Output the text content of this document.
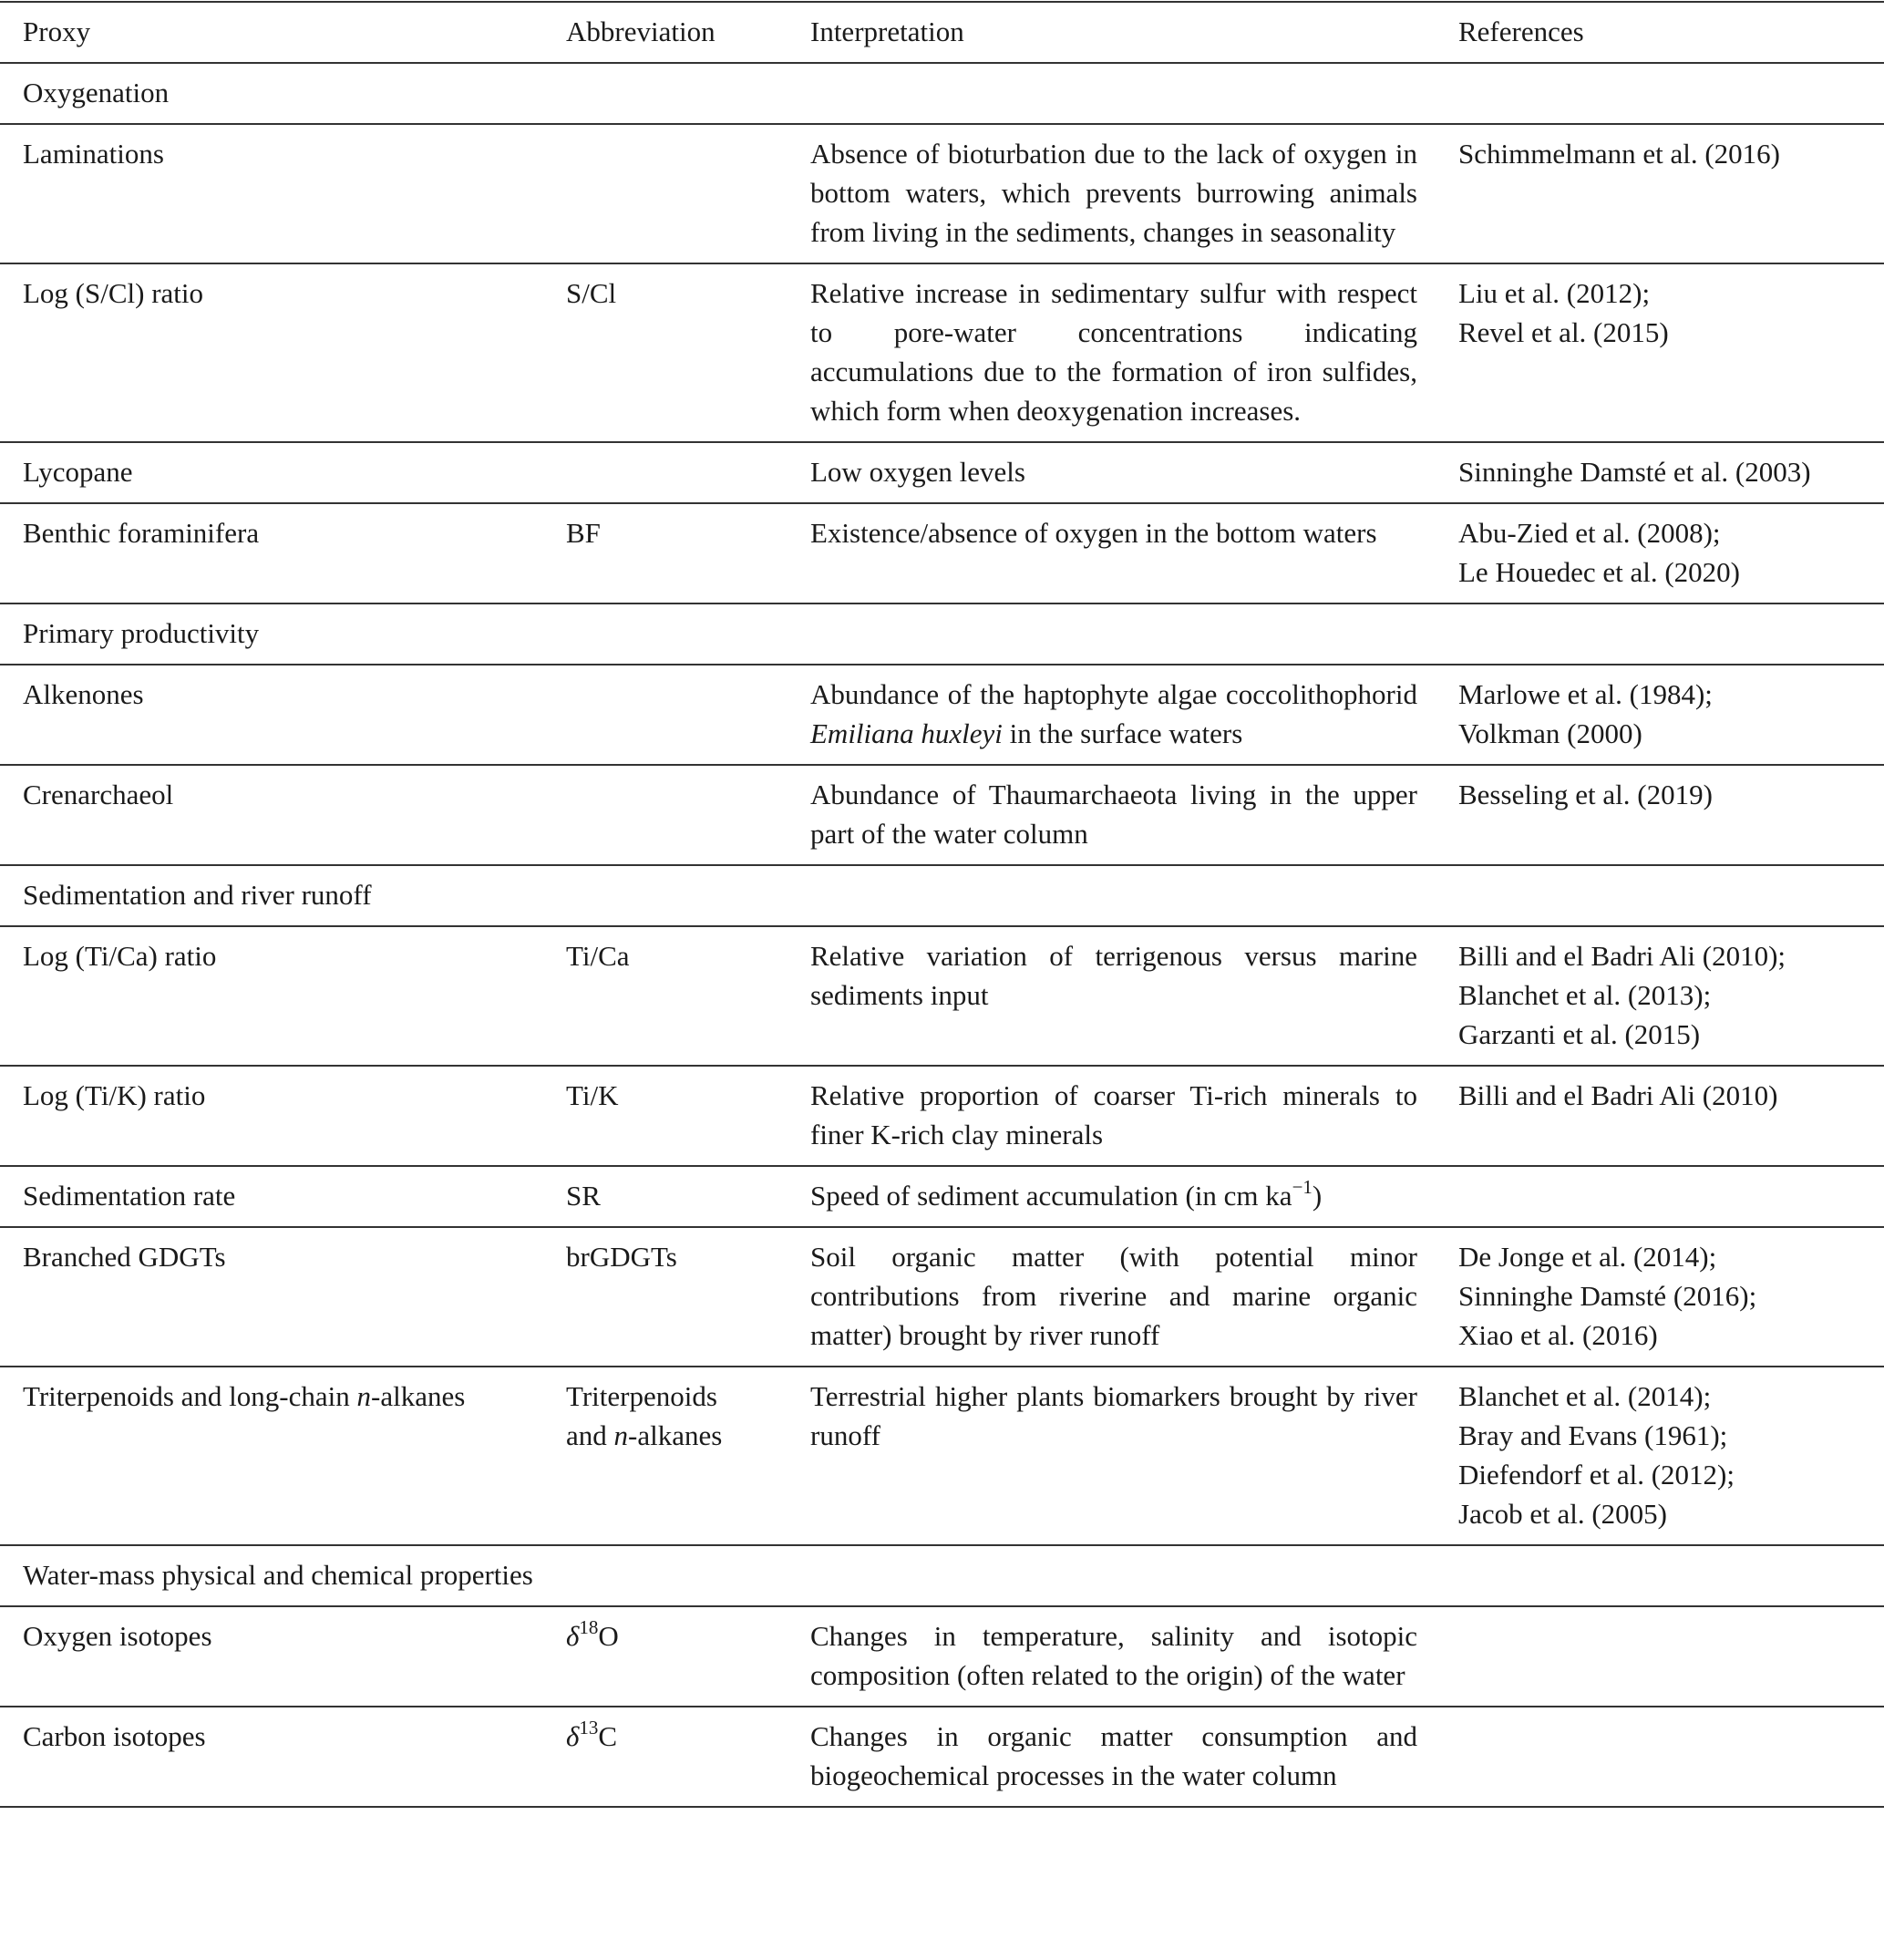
Proxy	Abbreviation	Interpretation	References
Oxygenation			
Laminations		Absence of bioturbation due to the lack of oxygen in bottom waters, which prevents burrowing animals from living in the sediments, changes in seasonality	Schimmelmann et al. (2016)

Log (S/Cl) ratio	S/Cl	Relative increase in sedimentary sulfur with respect to pore-water concentrations indicating accumulations due to the formation of iron sulfides, which form when deoxygenation increases.	Liu et al. (2012);
Revel et al. (2015)

Lycopane		Low oxygen levels	Sinninghe Damsté et al. (2003)

Benthic foraminifera	BF	Existence/absence of oxygen in the bottom waters	Abu-Zied et al. (2008);
Le Houedec et al. (2020)

Primary productivity			
Alkenones		Abundance of the haptophyte algae coccolithophorid Emiliana huxleyi in the surface waters	Marlowe et al. (1984);
Volkman (2000)

Crenarchaeol		Abundance of Thaumarchaeota living in the upper part of the water column	Besseling et al. (2019)

Sedimentation and river runoff			
Log (Ti/Ca) ratio	Ti/Ca	Relative variation of terrigenous versus marine sediments input	Billi and el Badri Ali (2010);
Blanchet et al. (2013);
Garzanti et al. (2015)

Log (Ti/K) ratio	Ti/K	Relative proportion of coarser Ti-rich minerals to finer K-rich clay minerals	Billi and el Badri Ali (2010)

Sedimentation rate	SR	Speed of sediment accumulation (in cm $ka^{-1}$)	
Branched GDGTs	brGDGTs	Soil organic matter (with potential minor contributions from riverine and marine organic matter) brought by river runoff	De Jonge et al. (2014);
Sinninghe Damsté (2016);
Xiao et al. (2016)

Triterpenoids and long-chain n-alkanes	Triterpenoids
and n-alkanes	Terrestrial higher plants biomarkers brought by river runoff	Blanchet et al. (2014);
Bray and Evans (1961);
Diefendorf et al. (2012);
Jacob et al. (2005)

Water-mass physical and chemical properties			
Oxygen isotopes	$\delta^{18}O$	Changes in temperature, salinity and isotopic composition (often related to the origin) of the water	
Carbon isotopes	$\delta^{13}C$	Changes in organic matter consumption and biogeochemical processes in the water column	
